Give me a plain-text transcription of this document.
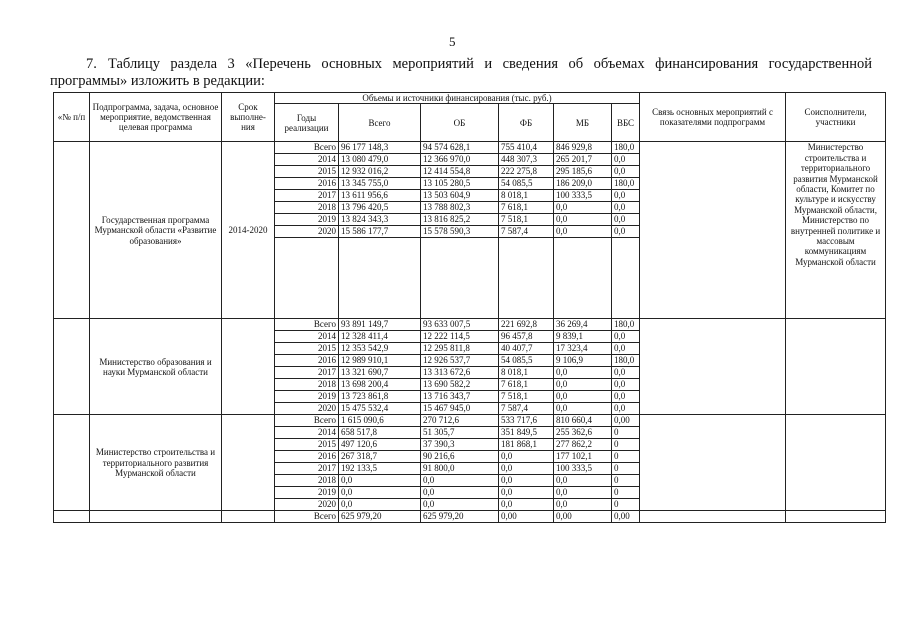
5
7. Таблицу раздела 3 «Перечень основных мероприятий и сведения об объемах финансирования государственной программы» изложить в редакции:
«№ п/п	Подпрограмма, задача, основное мероприятие, ведомственная целевая программа	Срок выполне-ния	Объемы и источники финансирования (тыс. руб.)						Связь основных мероприятий с показателями подпрограмм	Соисполнители, участники
			Годы реализации	Всего	ОБ	ФБ	МБ	ВБС		
	Государственная программа Мурманской области «Развитие образования»	2014-2020	Всего	96 177 148,3	94 574 628,1	755 410,4	846 929,8	180,0		Министерство строительства и территориального развития Мурманской области, Комитет по культуре и искусству Мурманской области, Министерство по внутренней политике и массовым коммуникациям Мурманской области
			2014	13 080 479,0	12 366 970,0	448 307,3	265 201,7	0,0		
			2015	12 932 016,2	12 414 554,8	222 275,8	295 185,6	0,0		
			2016	13 345 755,0	13 105 280,5	54 085,5	186 209,0	180,0		
			2017	13 611 956,6	13 503 604,9	8 018,1	100 333,5	0,0		
			2018	13 796 420,5	13 788 802,3	7 618,1	0,0	0,0		
			2019	13 824 343,3	13 816 825,2	7 518,1	0,0	0,0		
			2020	15 586 177,7	15 578 590,3	7 587,4	0,0	0,0		

	Министерство образования и науки Мурманской области		Всего	93 891 149,7	93 633 007,5	221 692,8	36 269,4	180,0		
			2014	12 328 411,4	12 222 114,5	96 457,8	9 839,1	0,0		
			2015	12 353 542,9	12 295 811,8	40 407,7	17 323,4	0,0		
			2016	12 989 910,1	12 926 537,7	54 085,5	9 106,9	180,0		
			2017	13 321 690,7	13 313 672,6	8 018,1	0,0	0,0		
			2018	13 698 200,4	13 690 582,2	7 618,1	0,0	0,0		
			2019	13 723 861,8	13 716 343,7	7 518,1	0,0	0,0		
			2020	15 475 532,4	15 467 945,0	7 587,4	0,0	0,0		
	Министерство строительства и территориального развития Мурманской области		Всего	1 615 090,6	270 712,6	533 717,6	810 660,4	0,00		
			2014	658 517,8	51 305,7	351 849,5	255 362,6	0		
			2015	497 120,6	37 390,3	181 868,1	277 862,2	0		
			2016	267 318,7	90 216,6	0,0	177 102,1	0		
			2017	192 133,5	91 800,0	0,0	100 333,5	0		
			2018	0,0	0,0	0,0	0,0	0		
			2019	0,0	0,0	0,0	0,0	0		
			2020	0,0	0,0	0,0	0,0	0		
			Всего	625 979,20	625 979,20	0,00	0,00	0,00		
